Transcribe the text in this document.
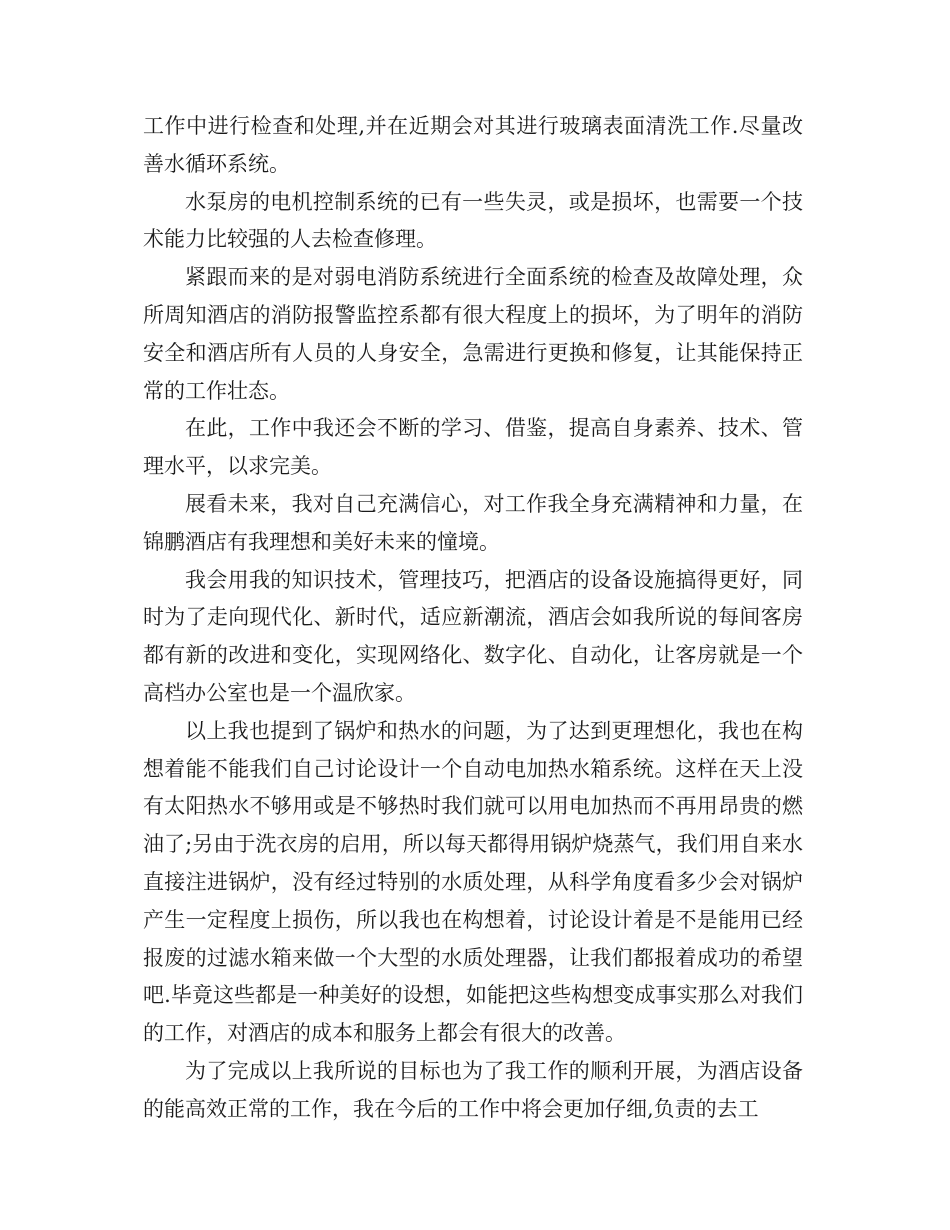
工作中进行检查和处理,并在近期会对其进行玻璃表面清洗工作.尽量改善水循环系统。

水泵房的电机控制系统的已有一些失灵，或是损坏，也需要一个技术能力比较强的人去检查修理。

紧跟而来的是对弱电消防系统进行全面系统的检查及故障处理，众所周知酒店的消防报警监控系都有很大程度上的损坏，为了明年的消防安全和酒店所有人员的人身安全，急需进行更换和修复，让其能保持正常的工作壮态。

在此，工作中我还会不断的学习、借鉴，提高自身素养、技术、管理水平，以求完美。

展看未来，我对自己充满信心，对工作我全身充满精神和力量，在锦鹏酒店有我理想和美好未来的憧境。

我会用我的知识技术，管理技巧，把酒店的设备设施搞得更好，同时为了走向现代化、新时代，适应新潮流，酒店会如我所说的每间客房都有新的改进和变化，实现网络化、数字化、自动化，让客房就是一个高档办公室也是一个温欣家。

以上我也提到了锅炉和热水的问题，为了达到更理想化，我也在构想着能不能我们自己讨论设计一个自动电加热水箱系统。这样在天上没有太阳热水不够用或是不够热时我们就可以用电加热而不再用昂贵的燃油了;另由于洗衣房的启用，所以每天都得用锅炉烧蒸气，我们用自来水直接注进锅炉，没有经过特别的水质处理，从科学角度看多少会对锅炉产生一定程度上损伤，所以我也在构想着，讨论设计着是不是能用已经报废的过滤水箱来做一个大型的水质处理器，让我们都报着成功的希望吧.毕竟这些都是一种美好的设想，如能把这些构想变成事实那么对我们的工作，对酒店的成本和服务上都会有很大的改善。

为了完成以上我所说的目标也为了我工作的顺利开展，为酒店设备的能高效正常的工作，我在今后的工作中将会更加仔细,负责的去工
